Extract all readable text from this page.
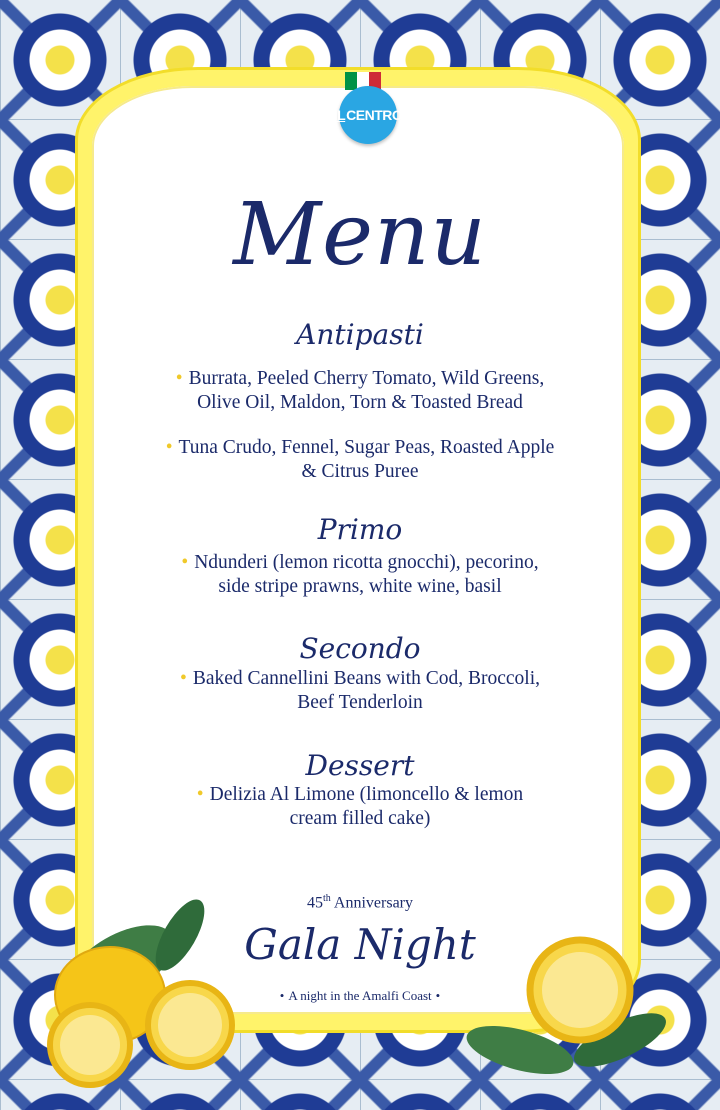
IL CENTRO
Menu
Antipasti
• Burrata, Peeled Cherry Tomato, Wild Greens,
Olive Oil, Maldon, Torn & Toasted Bread
• Tuna Crudo, Fennel, Sugar Peas, Roasted Apple
& Citrus Puree
Primo
• Ndunderi (lemon ricotta gnocchi), pecorino,
side stripe prawns, white wine, basil
Secondo
• Baked Cannellini Beans with Cod, Broccoli,
Beef Tenderloin
Dessert
• Delizia Al Limone (limoncello & lemon
cream filled cake)
45th Anniversary
Gala Night
• A night in the Amalfi Coast •
